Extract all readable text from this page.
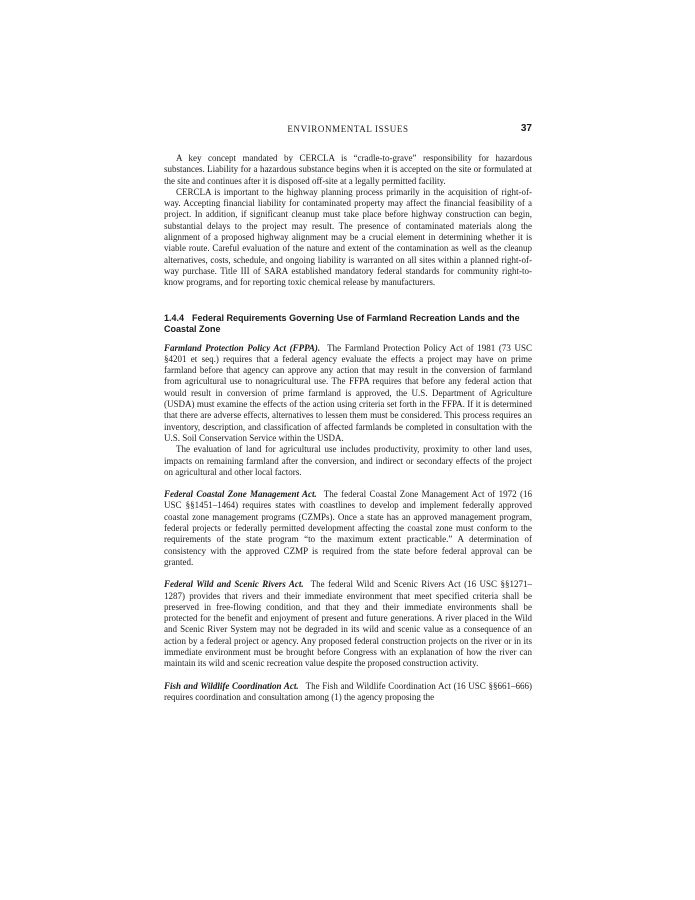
ENVIRONMENTAL ISSUES	37

A key concept mandated by CERCLA is “cradle-to-grave” responsibility for hazardous substances. Liability for a hazardous substance begins when it is accepted on the site or formulated at the site and continues after it is disposed off-site at a legally permitted facility.

CERCLA is important to the highway planning process primarily in the acquisition of right-of-way. Accepting financial liability for contaminated property may affect the financial feasibility of a project. In addition, if significant cleanup must take place before highway construction can begin, substantial delays to the project may result. The presence of contaminated materials along the alignment of a proposed highway alignment may be a crucial element in determining whether it is viable route. Careful evaluation of the nature and extent of the contamination as well as the cleanup alternatives, costs, schedule, and ongoing liability is warranted on all sites within a planned right-of-way purchase. Title III of SARA established mandatory federal standards for community right-to-know programs, and for reporting toxic chemical release by manufacturers.

1.4.4 Federal Requirements Governing Use of Farmland Recreation Lands and the Coastal Zone

Farmland Protection Policy Act (FPPA). The Farmland Protection Policy Act of 1981 (73 USC §4201 et seq.) requires that a federal agency evaluate the effects a project may have on prime farmland before that agency can approve any action that may result in the conversion of farmland from agricultural use to nonagricultural use. The FFPA requires that before any federal action that would result in conversion of prime farmland is approved, the U.S. Department of Agriculture (USDA) must examine the effects of the action using criteria set forth in the FFPA. If it is determined that there are adverse effects, alternatives to lessen them must be considered. This process requires an inventory, description, and classification of affected farmlands be completed in consultation with the U.S. Soil Conservation Service within the USDA.

The evaluation of land for agricultural use includes productivity, proximity to other land uses, impacts on remaining farmland after the conversion, and indirect or secondary effects of the project on agricultural and other local factors.

Federal Coastal Zone Management Act. The federal Coastal Zone Management Act of 1972 (16 USC §§1451–1464) requires states with coastlines to develop and implement federally approved coastal zone management programs (CZMPs). Once a state has an approved management program, federal projects or federally permitted development affecting the coastal zone must conform to the requirements of the state program “to the maximum extent practicable.” A determination of consistency with the approved CZMP is required from the state before federal approval can be granted.

Federal Wild and Scenic Rivers Act. The federal Wild and Scenic Rivers Act (16 USC §§1271–1287) provides that rivers and their immediate environment that meet specified criteria shall be preserved in free-flowing condition, and that they and their immediate environments shall be protected for the benefit and enjoyment of present and future generations. A river placed in the Wild and Scenic River System may not be degraded in its wild and scenic value as a consequence of an action by a federal project or agency. Any proposed federal construction projects on the river or in its immediate environment must be brought before Congress with an explanation of how the river can maintain its wild and scenic recreation value despite the proposed construction activity.

Fish and Wildlife Coordination Act. The Fish and Wildlife Coordination Act (16 USC §§661–666) requires coordination and consultation among (1) the agency proposing the
